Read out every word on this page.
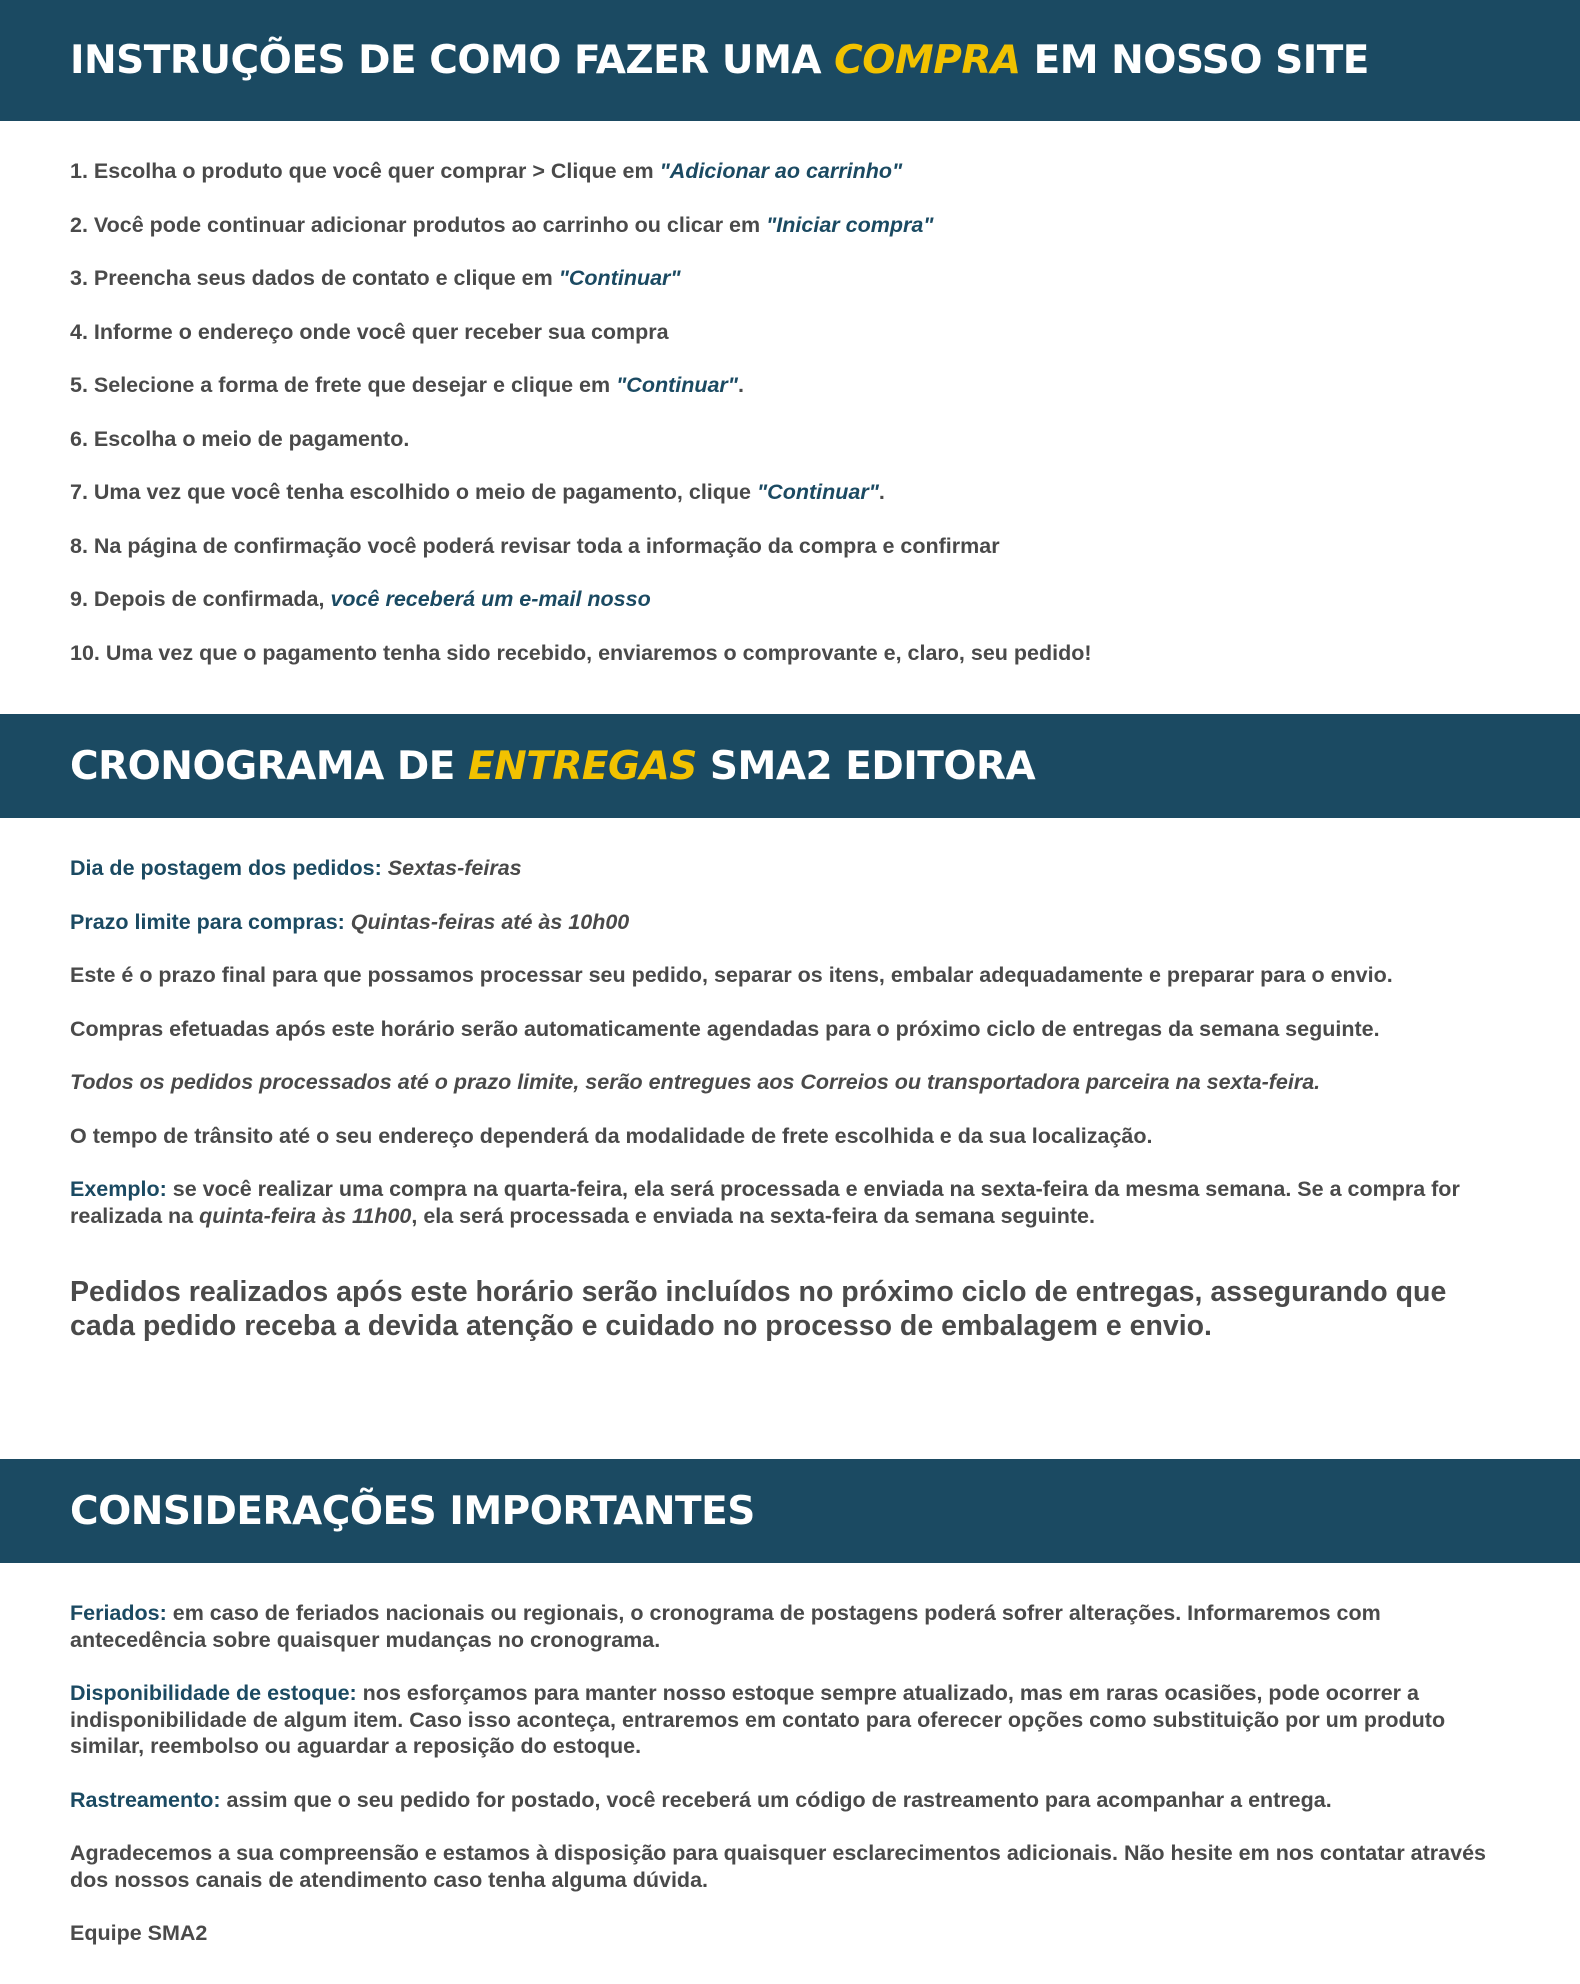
INSTRUÇÕES DE COMO FAZER UMA COMPRA EM NOSSO SITE

1. Escolha o produto que você quer comprar > Clique em "Adicionar ao carrinho"

2. Você pode continuar adicionar produtos ao carrinho ou clicar em "Iniciar compra"

3. Preencha seus dados de contato e clique em "Continuar"

4. Informe o endereço onde você quer receber sua compra

5. Selecione a forma de frete que desejar e clique em "Continuar".

6. Escolha o meio de pagamento.

7. Uma vez que você tenha escolhido o meio de pagamento, clique "Continuar".

8. Na página de confirmação você poderá revisar toda a informação da compra e confirmar

9. Depois de confirmada, você receberá um e-mail nosso

10. Uma vez que o pagamento tenha sido recebido, enviaremos o comprovante e, claro, seu pedido!

CRONOGRAMA DE ENTREGAS SMA2 EDITORA

Dia de postagem dos pedidos: Sextas-feiras

Prazo limite para compras: Quintas-feiras até às 10h00

Este é o prazo final para que possamos processar seu pedido, separar os itens, embalar adequadamente e preparar para o envio.

Compras efetuadas após este horário serão automaticamente agendadas para o próximo ciclo de entregas da semana seguinte.

Todos os pedidos processados até o prazo limite, serão entregues aos Correios ou transportadora parceira na sexta-feira.

O tempo de trânsito até o seu endereço dependerá da modalidade de frete escolhida e da sua localização.

Exemplo: se você realizar uma compra na quarta-feira, ela será processada e enviada na sexta-feira da mesma semana. Se a compra for realizada na quinta-feira às 11h00, ela será processada e enviada na sexta-feira da semana seguinte.

Pedidos realizados após este horário serão incluídos no próximo ciclo de entregas, assegurando que cada pedido receba a devida atenção e cuidado no processo de embalagem e envio.

CONSIDERAÇÕES IMPORTANTES

Feriados: em caso de feriados nacionais ou regionais, o cronograma de postagens poderá sofrer alterações. Informaremos com antecedência sobre quaisquer mudanças no cronograma.

Disponibilidade de estoque: nos esforçamos para manter nosso estoque sempre atualizado, mas em raras ocasiões, pode ocorrer a indisponibilidade de algum item. Caso isso aconteça, entraremos em contato para oferecer opções como substituição por um produto similar, reembolso ou aguardar a reposição do estoque.

Rastreamento: assim que o seu pedido for postado, você receberá um código de rastreamento para acompanhar a entrega.

Agradecemos a sua compreensão e estamos à disposição para quaisquer esclarecimentos adicionais. Não hesite em nos contatar através dos nossos canais de atendimento caso tenha alguma dúvida.

Equipe SMA2
